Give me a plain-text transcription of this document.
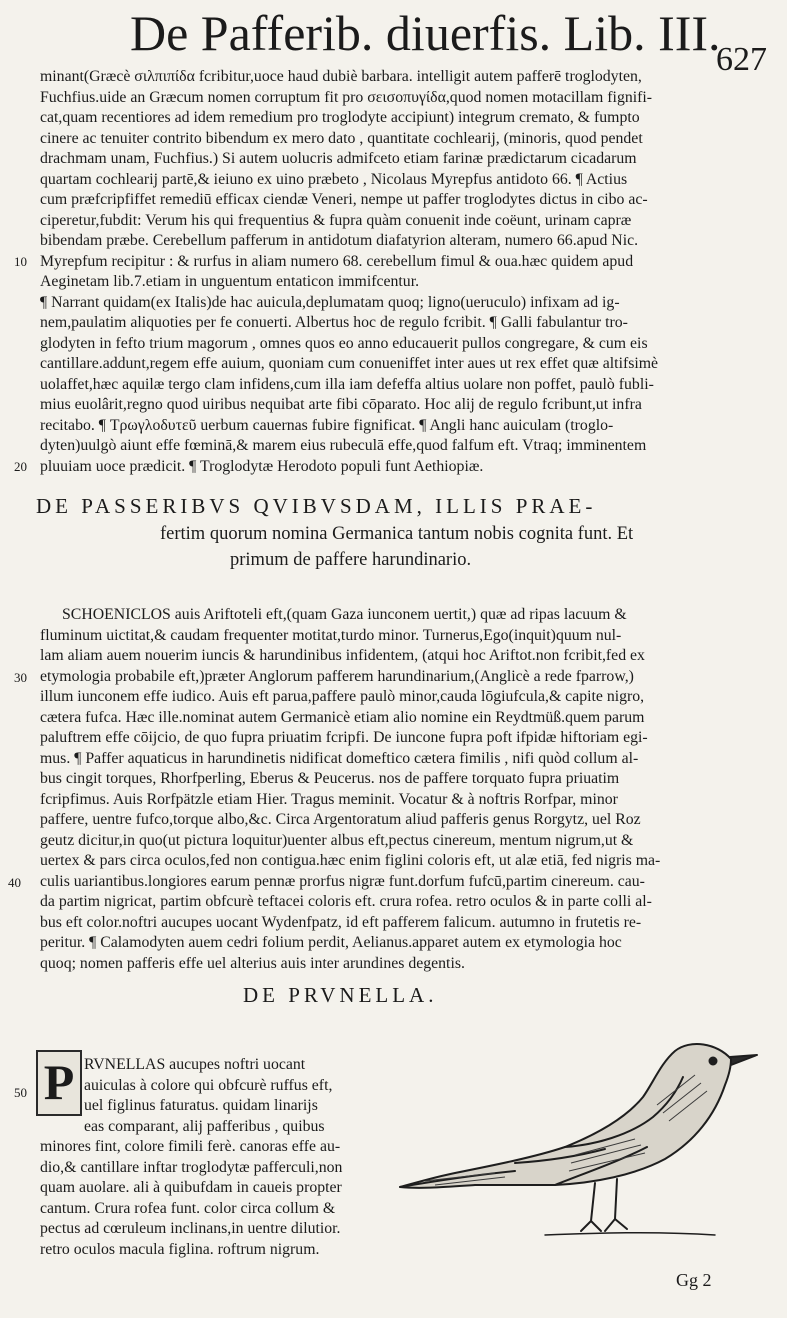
De Pafferib. diuerfis. Lib. III.
627
10
20
30
40
50
minant(Græcè σιλπιπίδα fcribitur,uoce haud dubiè barbara. intelligit autem pafferē troglodyten,
Fuchfius.uide an Græcum nomen corruptum fit pro σεισοπυγίδα,quod nomen motacillam fignifi-
cat,quam recentiores ad idem remedium pro troglodyte accipiunt) integrum cremato, & fumpto
cinere ac tenuiter contrito bibendum ex mero dato , quantitate cochlearij, (minoris, quod pendet
drachmam unam, Fuchfius.) Si autem uolucris admifceto etiam farinæ prædictarum cicadarum
quartam cochlearij partē,& ieiuno ex uino præbeto , Nicolaus Myrepfus antidoto 66. ¶ Actius
cum præfcripfiffet remediū efficax ciendæ Veneri, nempe ut paffer troglodytes dictus in cibo ac-
ciperetur,fubdit: Verum his qui frequentius & fupra quàm conuenit inde coëunt, urinam capræ
bibendam præbe. Cerebellum pafferum in antidotum diafatyrion alteram, numero 66.apud Nic.
Myrepfum recipitur : & rurfus in aliam numero 68. cerebellum fimul & oua.hæc quidem apud
Aeginetam lib.7.etiam in unguentum entaticon immifcentur.
¶ Narrant quidam(ex Italis)de hac auicula,deplumatam quoq; ligno(ueruculo) infixam ad ig-
nem,paulatim aliquoties per fe conuerti. Albertus hoc de regulo fcribit. ¶ Galli fabulantur tro-
glodyten in fefto trium magorum , omnes quos eo anno educauerit pullos congregare, & cum eis
cantillare.addunt,regem effe auium, quoniam cum conueniffet inter aues ut rex effet quæ altifsimè
uolaffet,hæc aquilæ tergo clam infidens,cum illa iam defeffa altius uolare non poffet, paulò fubli-
mius euolârit,regno quod uiribus nequibat arte fibi cōparato. Hoc alij de regulo fcribunt,ut infra
recitabo. ¶ Τρωγλοδυτεῦ uerbum cauernas fubire fignificat. ¶ Angli hanc auiculam (troglo-
dyten)uulgò aiunt effe fœminā,& marem eius rubeculā effe,quod falfum eft. Vtraq; imminentem
pluuiam uoce prædicit. ¶ Troglodytæ Herodoto populi funt Aethiopiæ.
DE PASSERIBVS QVIBVSDAM, ILLIS PRAE-
fertim quorum nomina Germanica tantum nobis cognita funt. Et
primum de paffere harundinario.
SCHOENICLOS auis Ariftoteli eft,(quam Gaza iunconem uertit,) quæ ad ripas lacuum &
fluminum uictitat,& caudam frequenter motitat,turdo minor. Turnerus,Ego(inquit)quum nul-
lam aliam auem nouerim iuncis & harundinibus infidentem, (atqui hoc Ariftot.non fcribit,fed ex
etymologia probabile eft,)præter Anglorum pafferem harundinarium,(Anglicè a rede fparrow,)
illum iunconem effe iudico. Auis eft parua,paffere paulò minor,cauda lōgiufcula,& capite nigro,
cætera fufca. Hæc ille.nominat autem Germanicè etiam alio nomine ein Reydtmüß.quem parum
paluftrem effe cōijcio, de quo fupra priuatim fcripfi. De iuncone fupra poft ifpidæ hiftoriam egi-
mus. ¶ Paffer aquaticus in harundinetis nidificat domeftico cætera fimilis , nifi quòd collum al-
bus cingit torques, Rhorfperling, Eberus & Peucerus. nos de paffere torquato fupra priuatim
fcripfimus. Auis Rorfpätzle etiam Hier. Tragus meminit. Vocatur & à noftris Rorfpar, minor
paffere, uentre fufco,torque albo,&c. Circa Argentoratum aliud pafferis genus Rorgytz, uel Roz
geutz dicitur,in quo(ut pictura loquitur)uenter albus eft,pectus cinereum, mentum nigrum,ut &
uertex & pars circa oculos,fed non contigua.hæc enim figlini coloris eft, ut alæ etiā, fed nigris ma-
culis uariantibus.longiores earum pennæ prorfus nigræ funt.dorfum fufcū,partim cinereum. cau-
da partim nigricat, partim obfcurè teftacei coloris eft. crura rofea. retro oculos & in parte colli al-
bus eft color.noftri aucupes uocant Wydenfpatz, id eft pafferem falicum. autumno in frutetis re-
peritur. ¶ Calamodyten auem cedri folium perdit, Aelianus.apparet autem ex etymologia hoc
quoq; nomen pafferis effe uel alterius auis inter arundines degentis.
DE PRVNELLA.
P RVNELLAS aucupes noftri uocant
auiculas à colore qui obfcurè ruffus eft,
uel figlinus faturatus. quidam linarijs
eas comparant, alij pafferibus , quibus
minores fint, colore fimili ferè. canoras effe au-
dio,& cantillare inftar troglodytæ pafferculi,non
quam auolare. ali à quibufdam in caueis propter
cantum. Crura rofea funt. color circa collum &
pectus ad cœruleum inclinans,in uentre dilutior.
retro oculos macula figlina. roftrum nigrum.
Gg 2
